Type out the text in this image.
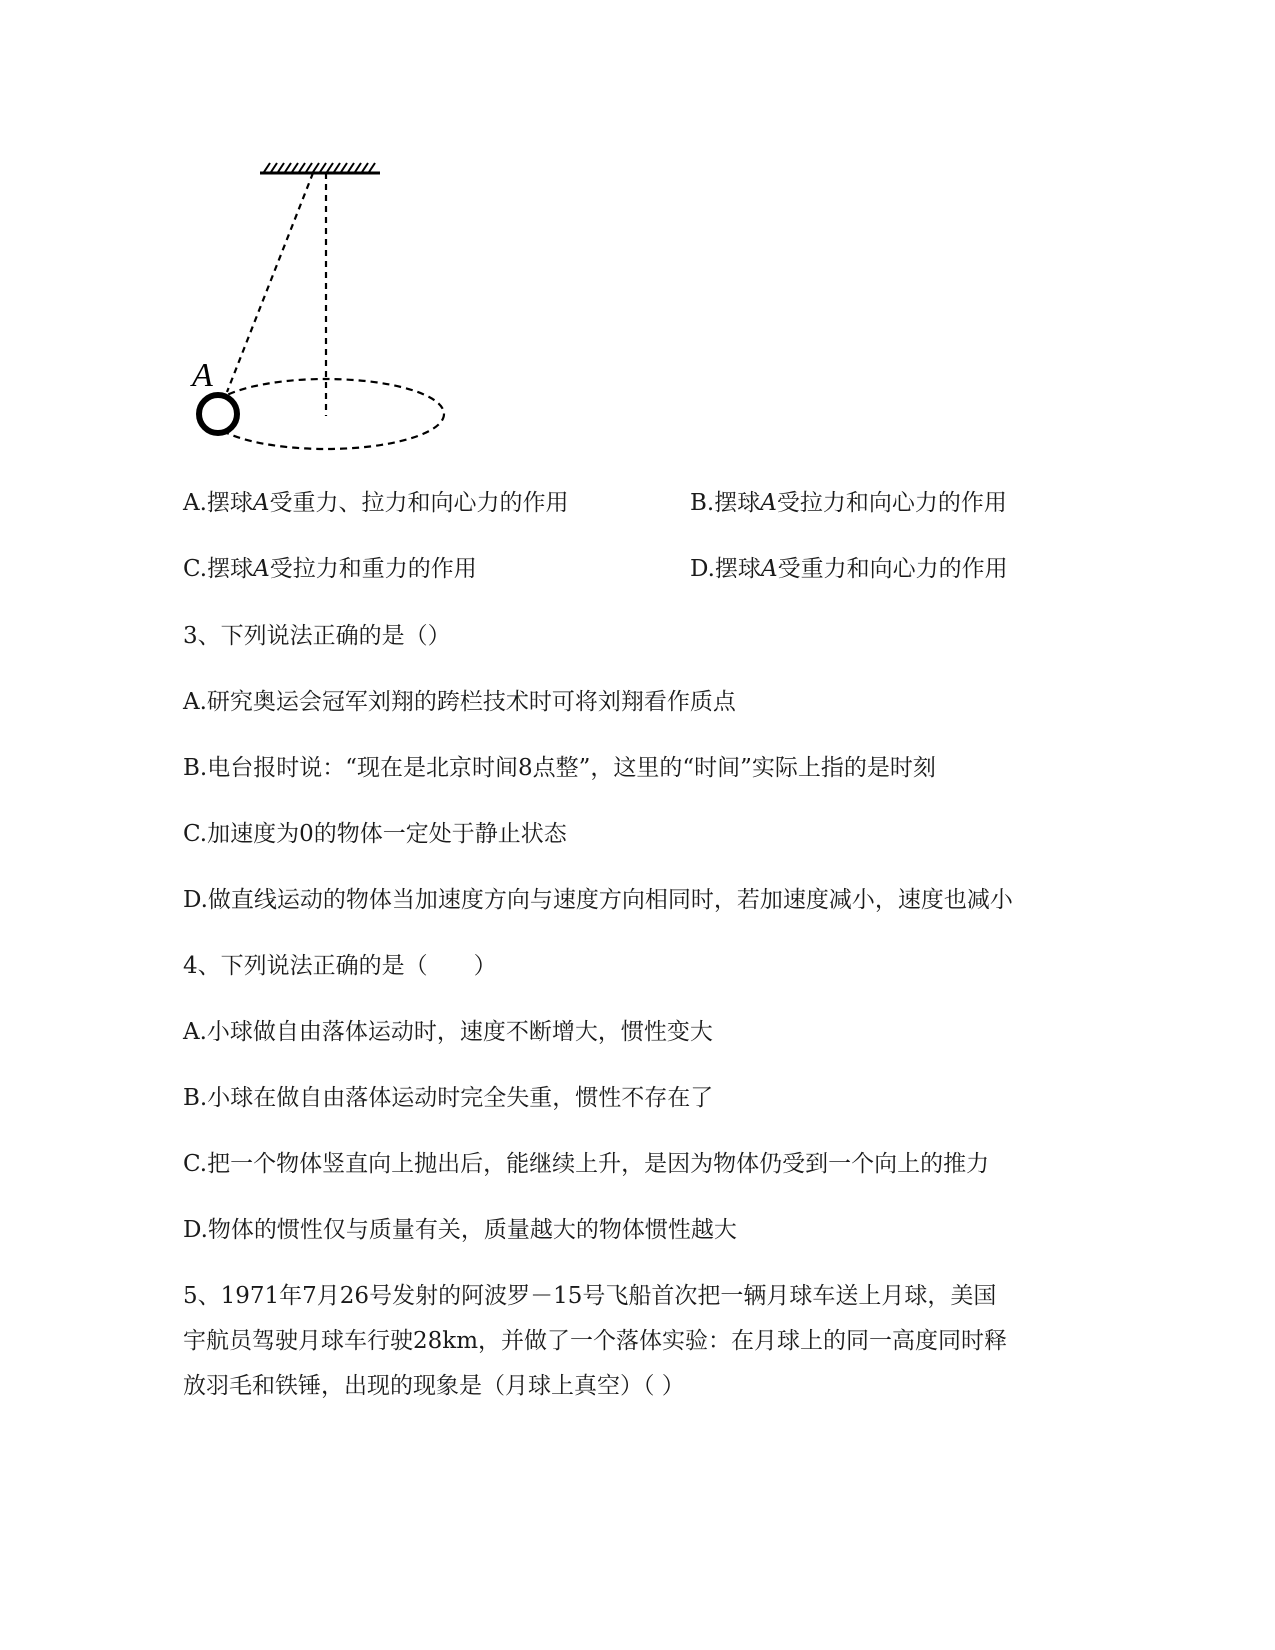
A
A.摆球A受重力、拉力和向心力的作用	B.摆球A受拉力和向心力的作用
C.摆球A受拉力和重力的作用	D.摆球A受重力和向心力的作用
3、下列说法正确的是（）
A.研究奥运会冠军刘翔的跨栏技术时可将刘翔看作质点
B.电台报时说：“现在是北京时间8点整”，这里的“时间”实际上指的是时刻
C.加速度为0的物体一定处于静止状态
D.做直线运动的物体当加速度方向与速度方向相同时，若加速度减小，速度也减小
4、下列说法正确的是（　　）
A.小球做自由落体运动时，速度不断增大，惯性变大
B.小球在做自由落体运动时完全失重，惯性不存在了
C.把一个物体竖直向上抛出后，能继续上升，是因为物体仍受到一个向上的推力
D.物体的惯性仅与质量有关，质量越大的物体惯性越大
5、1971年7月26号发射的阿波罗－15号飞船首次把一辆月球车送上月球，美国
宇航员驾驶月球车行驶28km，并做了一个落体实验：在月球上的同一高度同时释
放羽毛和铁锤，出现的现象是（月球上真空）（ ）
